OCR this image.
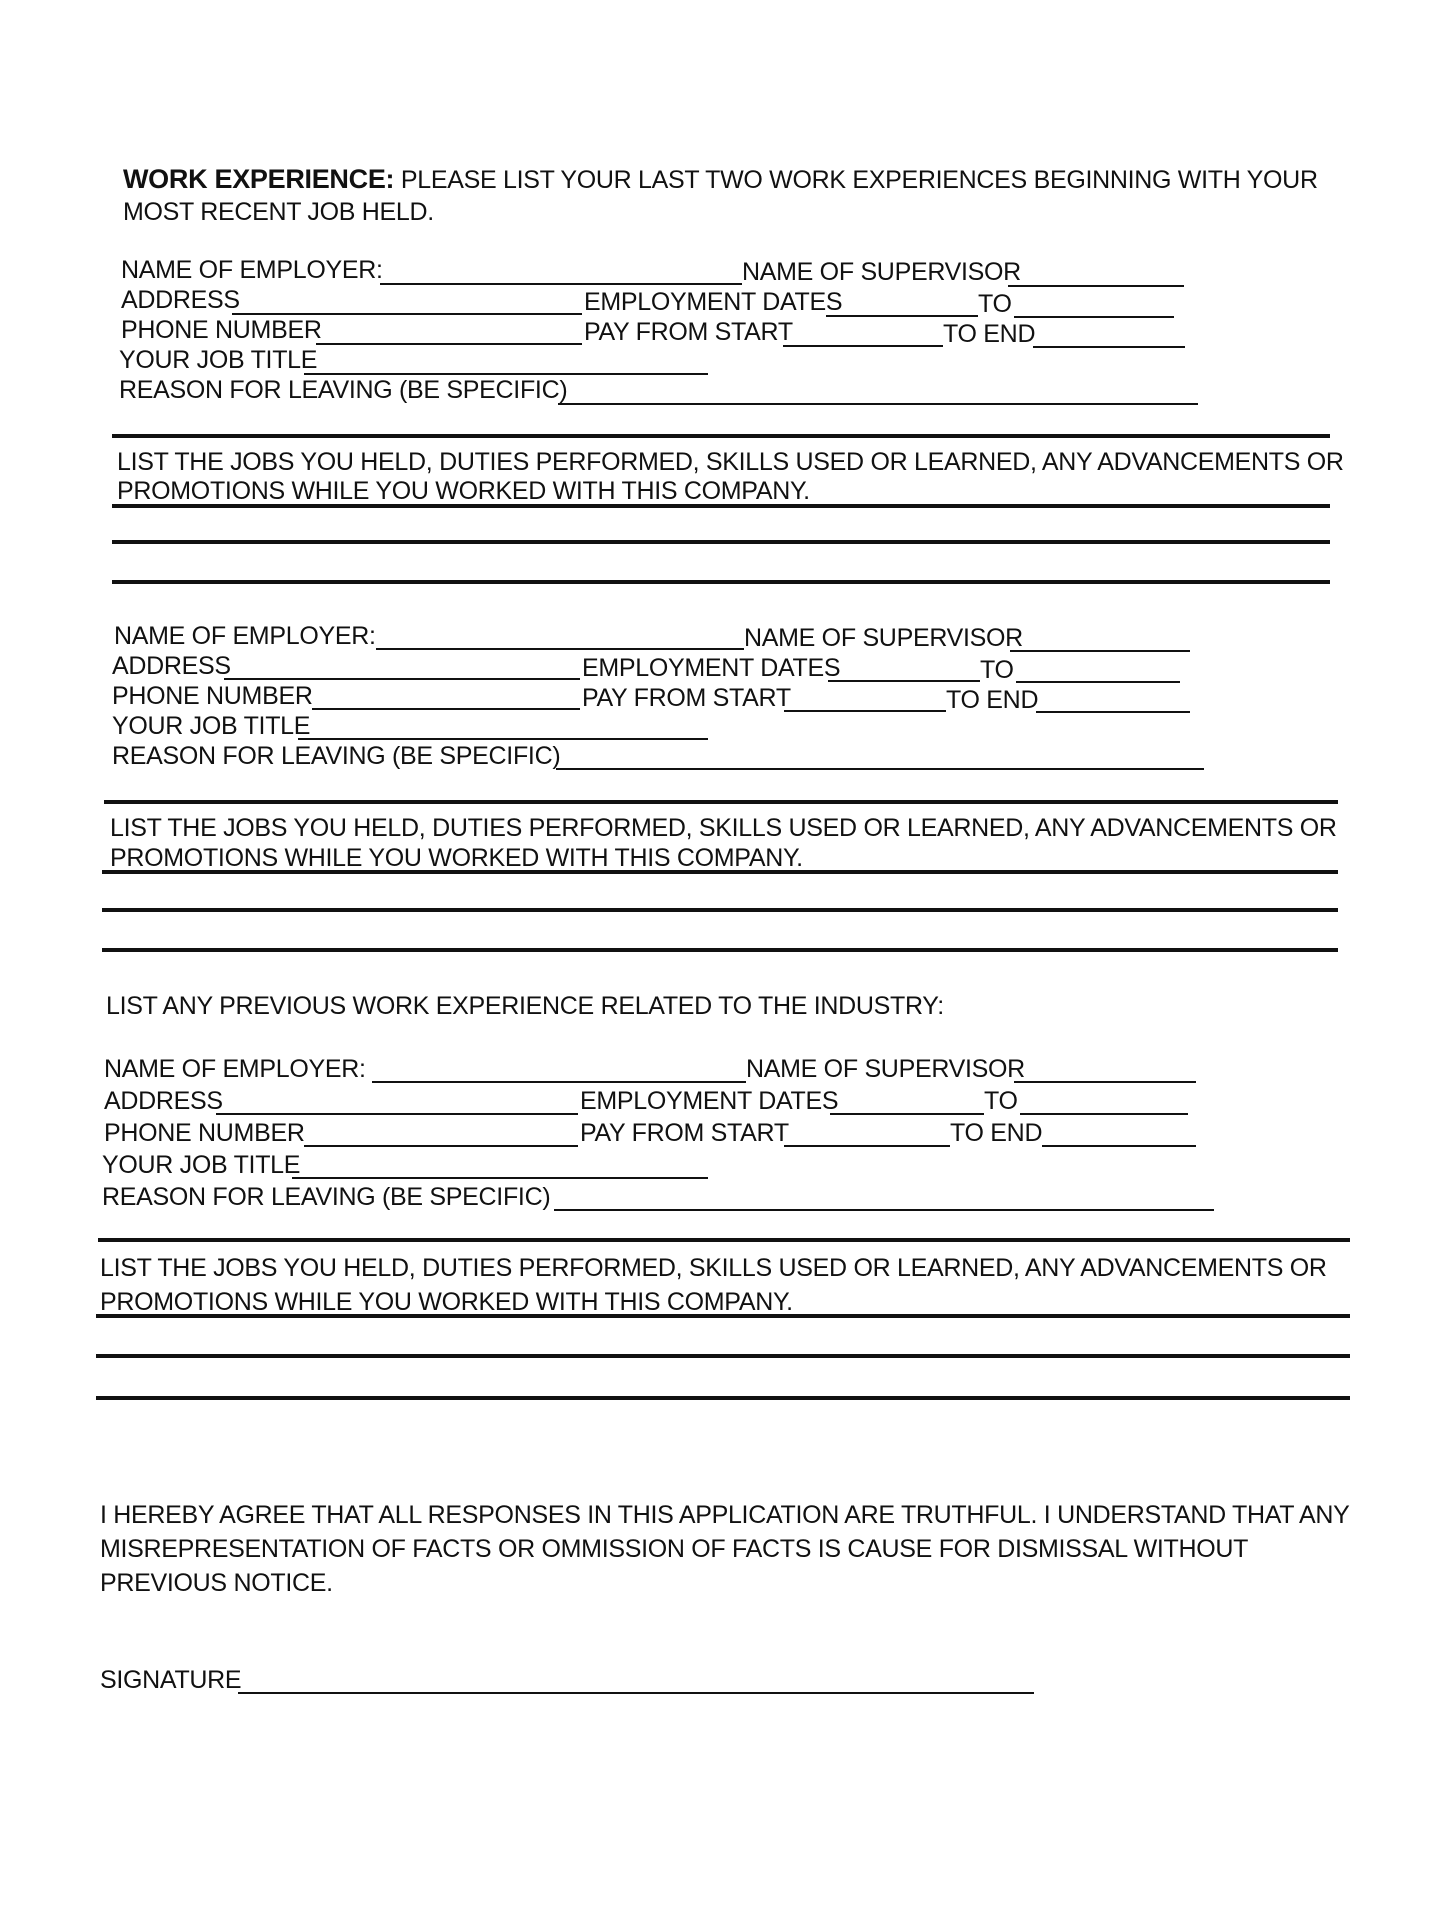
WORK EXPERIENCE: PLEASE LIST YOUR LAST TWO WORK EXPERIENCES BEGINNING WITH YOUR
MOST RECENT JOB HELD.
NAME OF EMPLOYER:	NAME OF SUPERVISOR
ADDRESS	EMPLOYMENT DATES	TO
PHONE NUMBER	PAY FROM START	TO END
YOUR JOB TITLE
REASON FOR LEAVING (BE SPECIFIC)
LIST THE JOBS YOU HELD, DUTIES PERFORMED, SKILLS USED OR LEARNED, ANY ADVANCEMENTS OR
PROMOTIONS WHILE YOU WORKED WITH THIS COMPANY.
NAME OF EMPLOYER:	NAME OF SUPERVISOR
ADDRESS	EMPLOYMENT DATES	TO
PHONE NUMBER	PAY FROM START	TO END
YOUR JOB TITLE
REASON FOR LEAVING (BE SPECIFIC)
LIST THE JOBS YOU HELD, DUTIES PERFORMED, SKILLS USED OR LEARNED, ANY ADVANCEMENTS OR
PROMOTIONS WHILE YOU WORKED WITH THIS COMPANY.
LIST ANY PREVIOUS WORK EXPERIENCE RELATED TO THE INDUSTRY:
NAME OF EMPLOYER:	NAME OF SUPERVISOR
ADDRESS	EMPLOYMENT DATES	TO
PHONE NUMBER	PAY FROM START	TO END
YOUR JOB TITLE
REASON FOR LEAVING (BE SPECIFIC)
LIST THE JOBS YOU HELD, DUTIES PERFORMED, SKILLS USED OR LEARNED, ANY ADVANCEMENTS OR
PROMOTIONS WHILE YOU WORKED WITH THIS COMPANY.
I HEREBY AGREE THAT ALL RESPONSES IN THIS APPLICATION ARE TRUTHFUL. I UNDERSTAND THAT ANY
MISREPRESENTATION OF FACTS OR OMMISSION OF FACTS IS CAUSE FOR DISMISSAL WITHOUT
PREVIOUS NOTICE.
SIGNATURE
